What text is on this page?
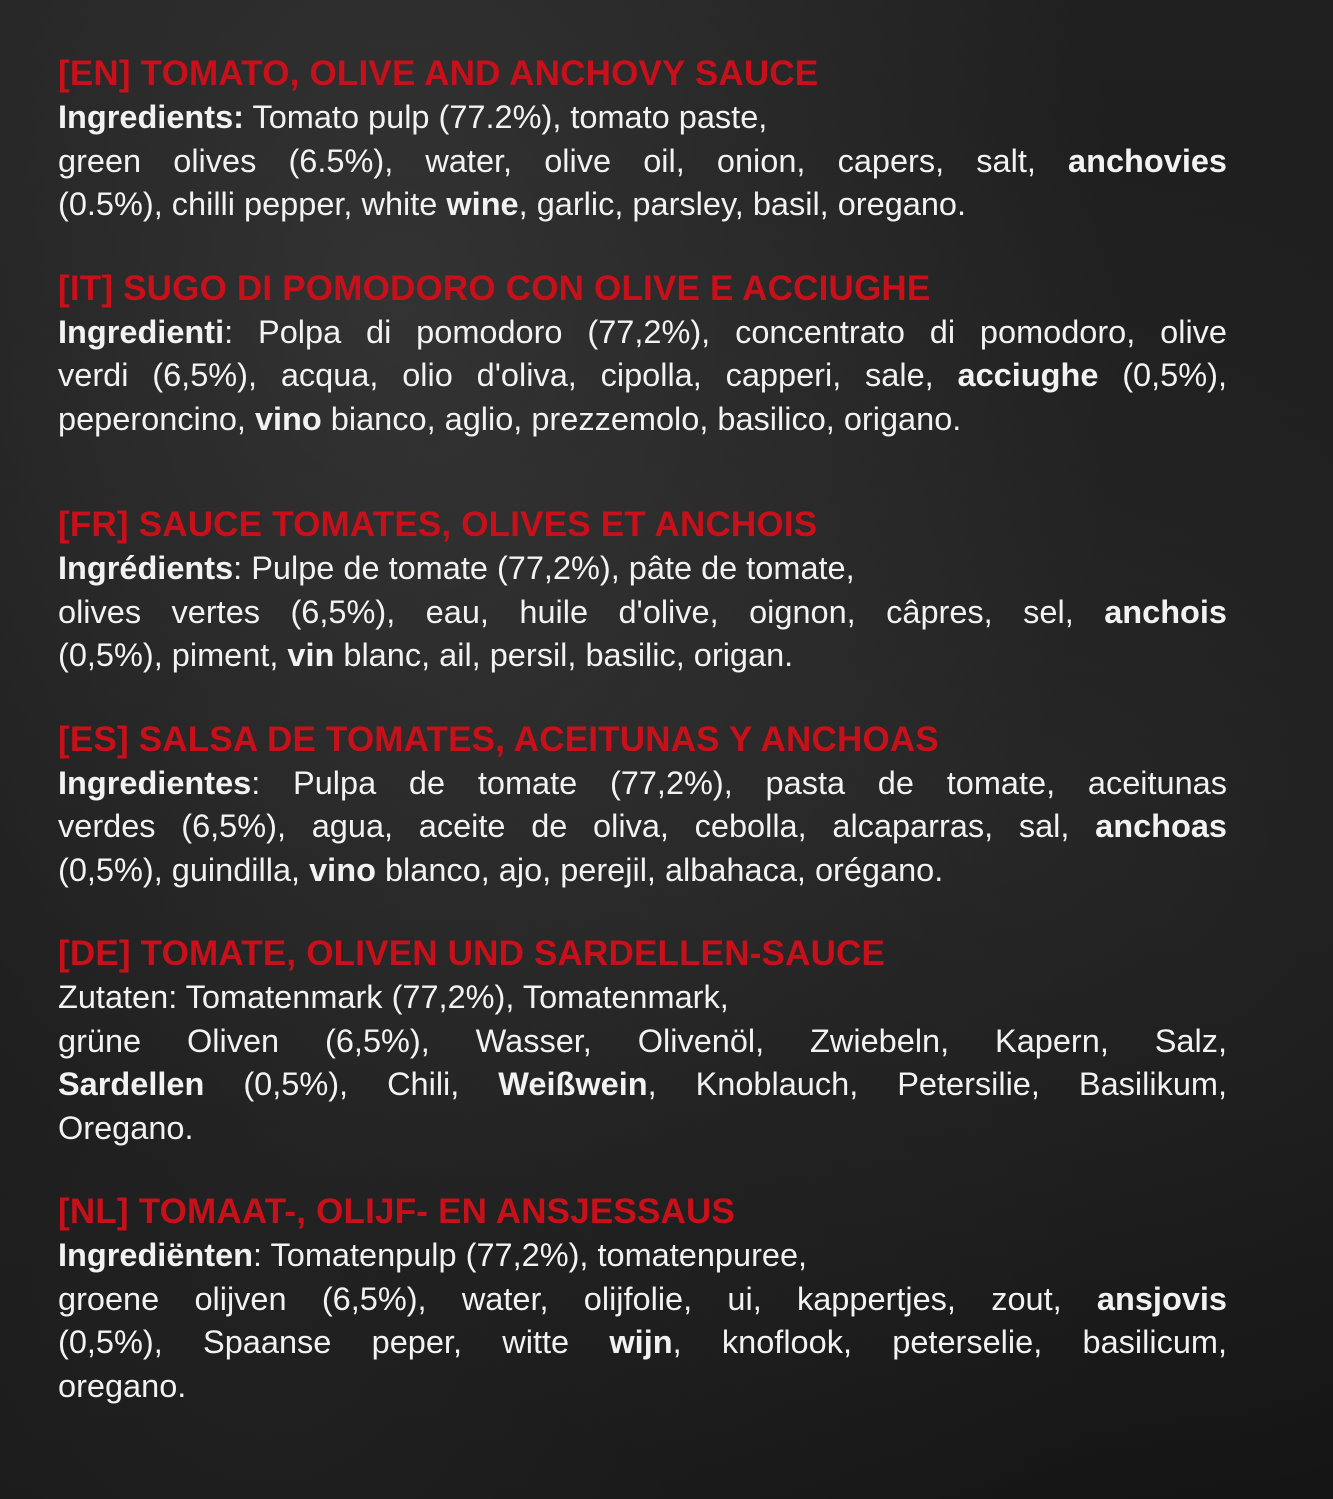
[EN] TOMATO, OLIVE AND ANCHOVY SAUCE
Ingredients: Tomato pulp (77.2%), tomato paste,
green olives (6.5%), water, olive oil, onion, capers, salt, anchovies
(0.5%), chilli pepper, white wine, garlic, parsley, basil, oregano.
[IT] SUGO DI POMODORO CON OLIVE E ACCIUGHE
Ingredienti: Polpa di pomodoro (77,2%), concentrato di pomodoro, olive
verdi (6,5%), acqua, olio d'oliva, cipolla, capperi, sale, acciughe (0,5%),
peperoncino, vino bianco, aglio, prezzemolo, basilico, origano.
[FR] SAUCE TOMATES, OLIVES ET ANCHOIS
Ingrédients: Pulpe de tomate (77,2%), pâte de tomate,
olives vertes (6,5%), eau, huile d'olive, oignon, câpres, sel, anchois
(0,5%), piment, vin blanc, ail, persil, basilic, origan.
[ES] SALSA DE TOMATES, ACEITUNAS Y ANCHOAS
Ingredientes: Pulpa de tomate (77,2%), pasta de tomate, aceitunas
verdes (6,5%), agua, aceite de oliva, cebolla, alcaparras, sal, anchoas
(0,5%), guindilla, vino blanco, ajo, perejil, albahaca, orégano.
[DE] TOMATE, OLIVEN UND SARDELLEN-SAUCE
Zutaten: Tomatenmark (77,2%), Tomatenmark,
grüne Oliven (6,5%), Wasser, Olivenöl, Zwiebeln, Kapern, Salz,
Sardellen (0,5%), Chili, Weißwein, Knoblauch, Petersilie, Basilikum,
Oregano.
[NL] TOMAAT-, OLIJF- EN ANSJESSAUS
Ingrediënten: Tomatenpulp (77,2%), tomatenpuree,
groene olijven (6,5%), water, olijfolie, ui, kappertjes, zout, ansjovis
(0,5%), Spaanse peper, witte wijn, knoflook, peterselie, basilicum,
oregano.
